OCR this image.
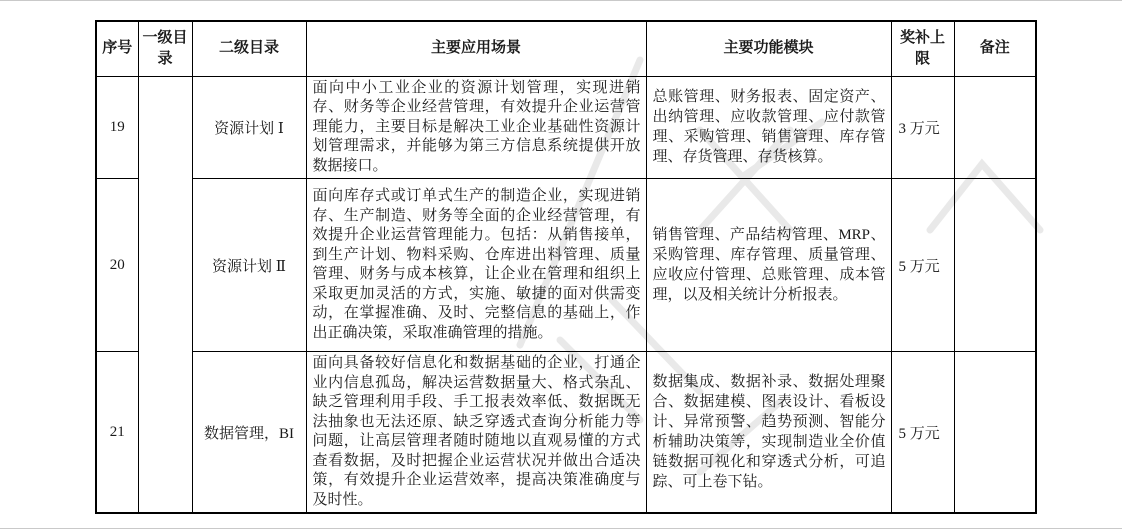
序号	一级目录	二级目录	主要应用场景	主要功能模块	奖补上限	备注
19		资源计划 Ⅰ	面向中小工业企业的资源计划管理，实现进销存、财务等企业经营管理，有效提升企业运营管理能力，主要目标是解决工业企业基础性资源计划管理需求，并能够为第三方信息系统提供开放数据接口。	总账管理、财务报表、固定资产、出纳管理、应收款管理、应付款管理、采购管理、销售管理、库存管理、存货管理、存货核算。	3 万元	
20		资源计划 Ⅱ	面向库存式或订单式生产的制造企业，实现进销存、生产制造、财务等全面的企业经营管理，有效提升企业运营管理能力。包括：从销售接单，到生产计划、物料采购、仓库进出料管理、质量管理、财务与成本核算，让企业在管理和组织上采取更加灵活的方式，实施、敏捷的面对供需变动，在掌握准确、及时、完整信息的基础上，作出正确决策，采取准确管理的措施。	销售管理、产品结构管理、MRP、采购管理、库存管理、质量管理、应收应付管理、总账管理、成本管理，以及相关统计分析报表。	5 万元	
21		数据管理，BI	面向具备较好信息化和数据基础的企业，打通企业内信息孤岛，解决运营数据量大、格式杂乱、缺乏管理利用手段、手工报表效率低、数据既无法抽象也无法还原、缺乏穿透式查询分析能力等问题，让高层管理者随时随地以直观易懂的方式查看数据，及时把握企业运营状况并做出合适决策，有效提升企业运营效率，提高决策准确度与及时性。	数据集成、数据补录、数据处理聚合、数据建模、图表设计、看板设计、异常预警、趋势预测、智能分析辅助决策等，实现制造业全价值链数据可视化和穿透式分析，可追踪、可上卷下钻。	5 万元	
